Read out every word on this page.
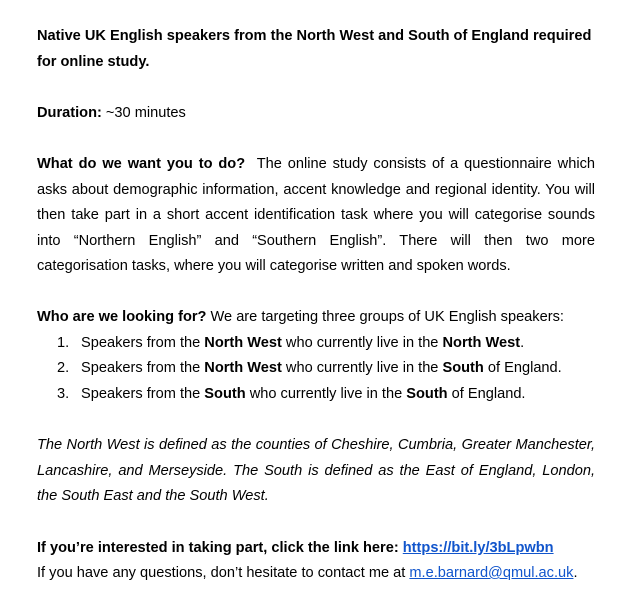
Native UK English speakers from the North West and South of England required for online study.

Duration: ~30 minutes

What do we want you to do?  The online study consists of a questionnaire which asks about demographic information, accent knowledge and regional identity. You will then take part in a short accent identification task where you will categorise sounds into “Northern English” and “Southern English”. There will then two more categorisation tasks, where you will categorise written and spoken words.

Who are we looking for? We are targeting three groups of UK English speakers:

1. Speakers from the North West who currently live in the North West.
2. Speakers from the North West who currently live in the South of England.
3. Speakers from the South who currently live in the South of England.

The North West is defined as the counties of Cheshire, Cumbria, Greater Manchester, Lancashire, and Merseyside. The South is defined as the East of England, London, the South East and the South West.

If you’re interested in taking part, click the link here: https://bit.ly/3bLpwbn

If you have any questions, don’t hesitate to contact me at m.e.barnard@qmul.ac.uk.
